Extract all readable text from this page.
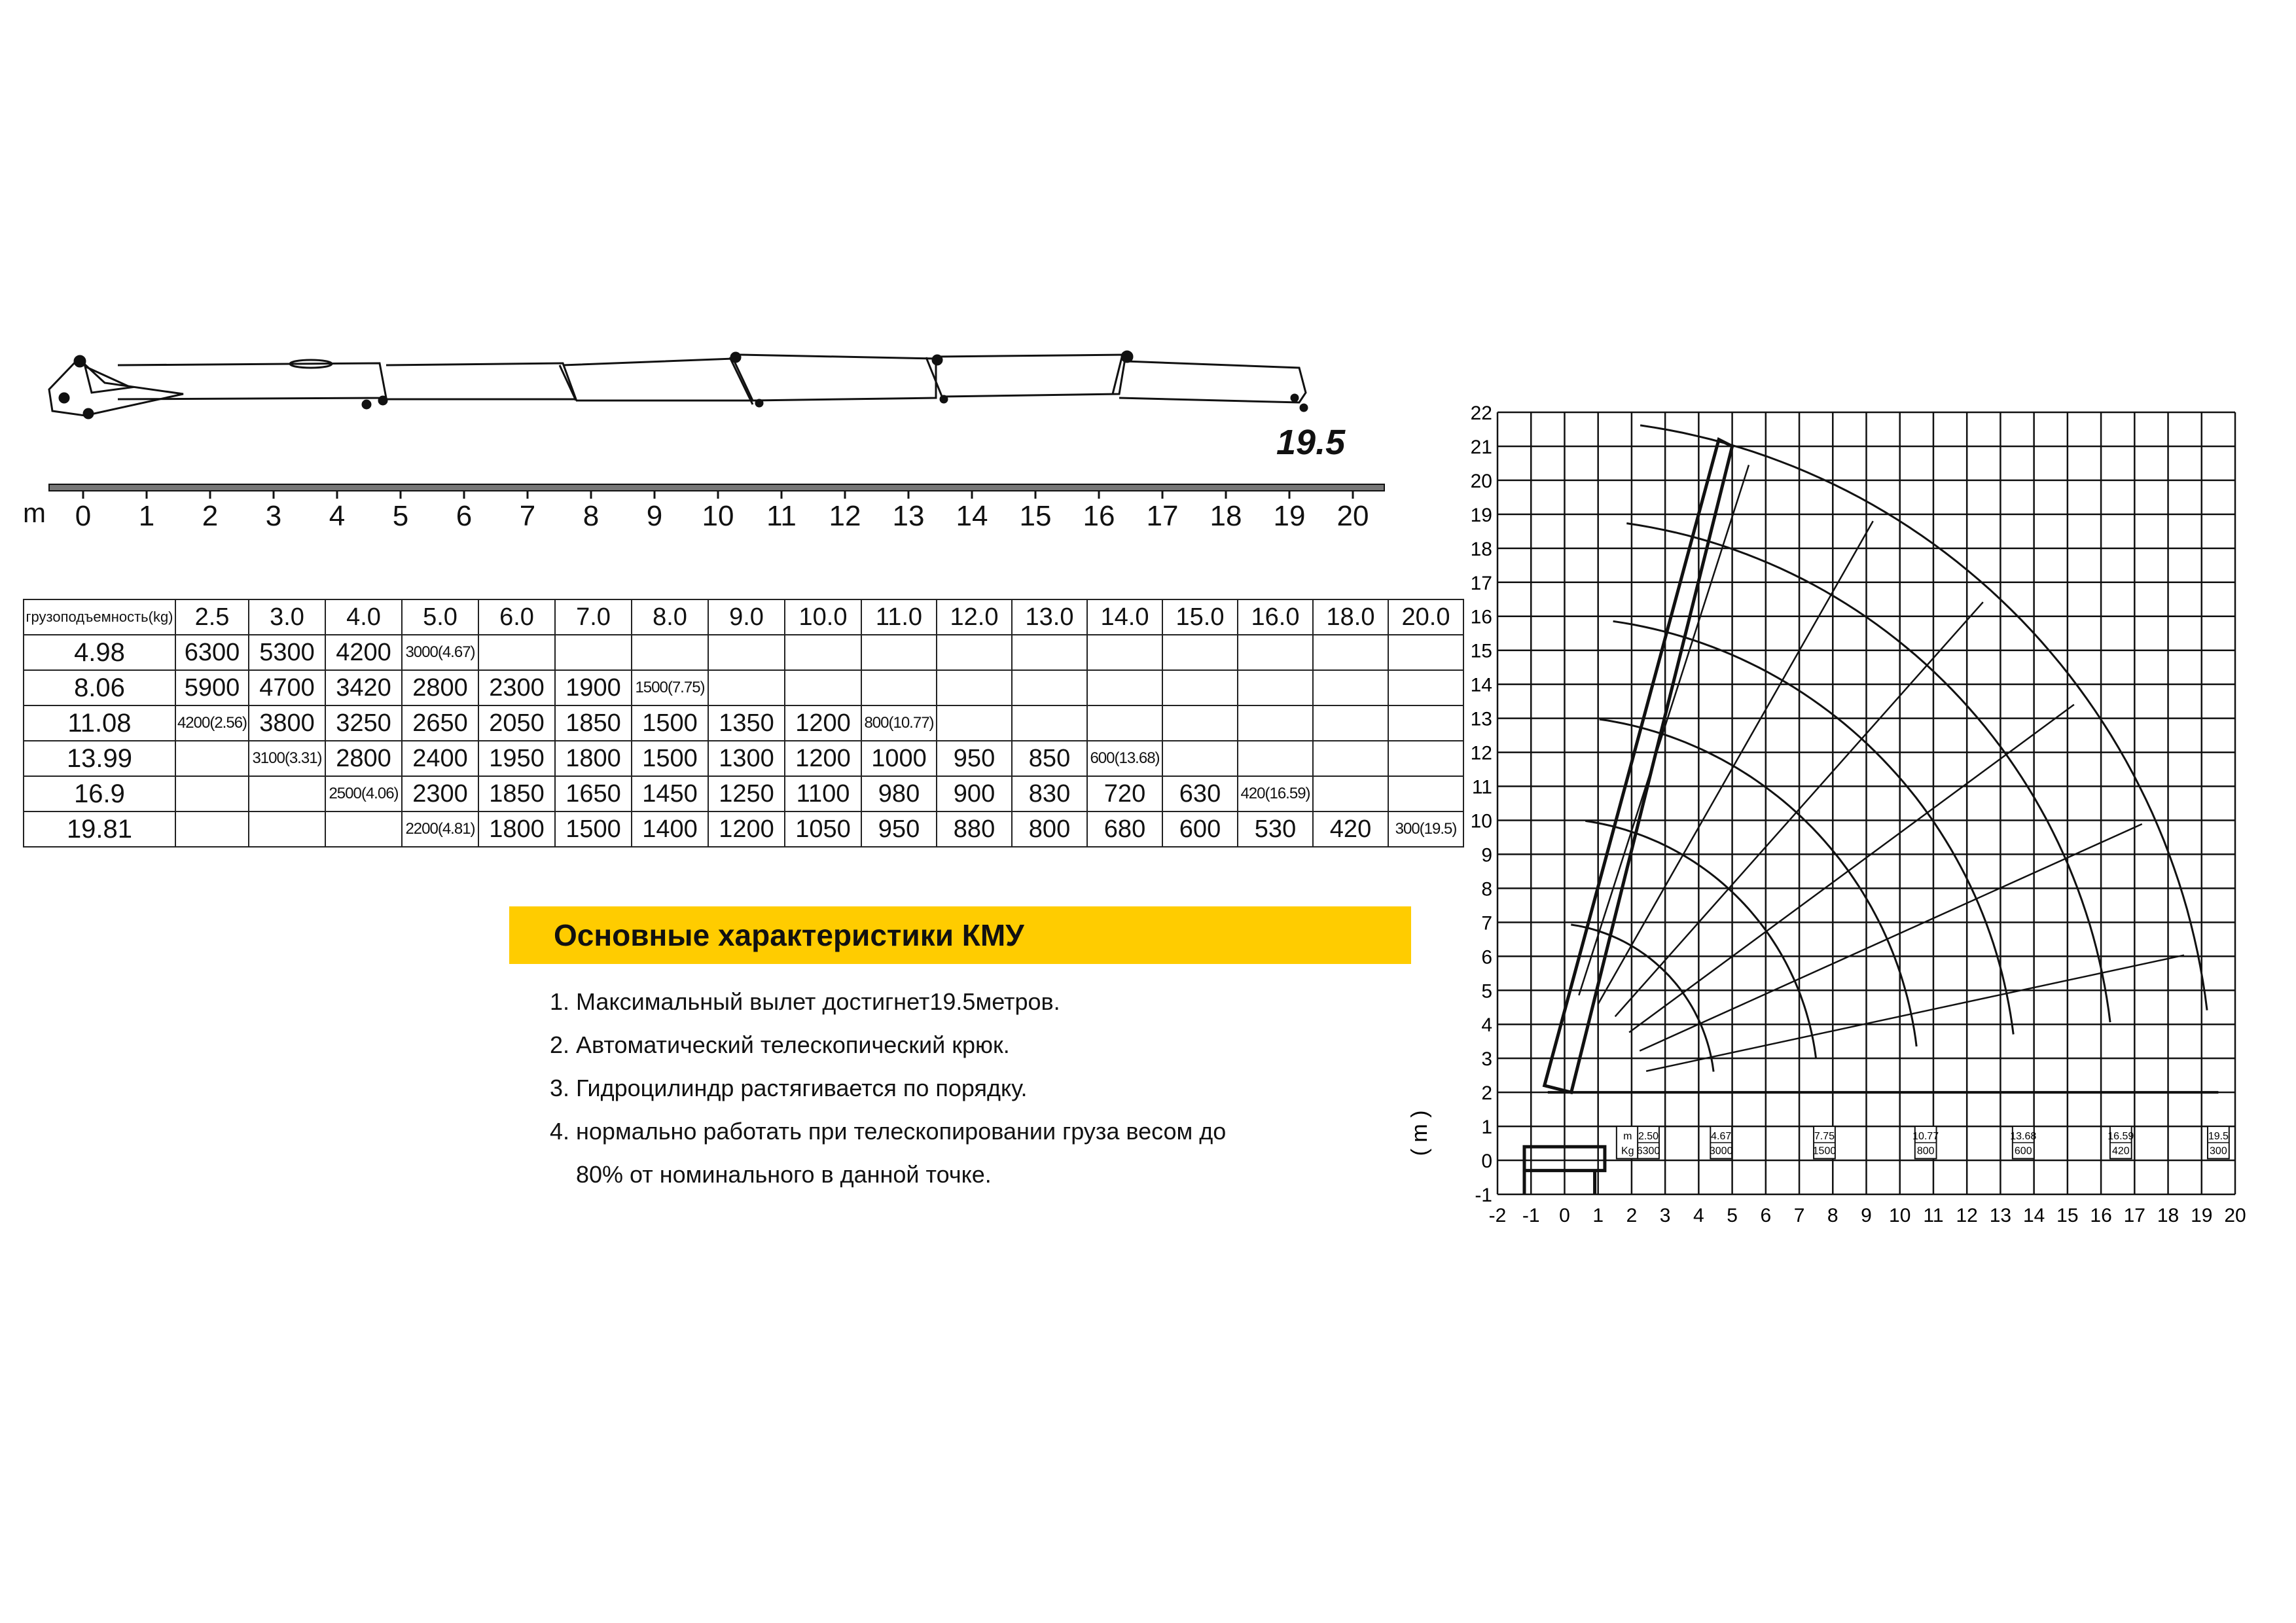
19.5
m	0	1	2	3	4	5	6	7	8	9	10	11	12	13	14	15	16	17	18	19	20
грузоподъемность(kg)	2.5	3.0	4.0	5.0	6.0	7.0	8.0	9.0	10.0	11.0	12.0	13.0	14.0	15.0	16.0	18.0	20.0
4.98	6300	5300	4200	3000(4.67)													
8.06	5900	4700	3420	2800	2300	1900	1500(7.75)										
11.08	4200(2.56)	3800	3250	2650	2050	1850	1500	1350	1200	800(10.77)							
13.99		3100(3.31)	2800	2400	1950	1800	1500	1300	1200	1000	950	850	600(13.68)				
16.9			2500(4.06)	2300	1850	1650	1450	1250	1100	980	900	830	720	630	420(16.59)		
19.81				2200(4.81)	1800	1500	1400	1200	1050	950	880	800	680	600	530	420	300(19.5)
Основные характеристики КМУ
1. Максимальный вылет достигнет19.5метров.
2. Автоматический телескопический крюк.
3. Гидроцилиндр растягивается по порядку.
4. нормально работать при телескопировании груза весом до
80% от номинального в данной точке.
-2 -1 0 1 2 3 4 5 6 7 8 9 10 11 12 13 14 15 16 17 18 19 20
-1
0
1
2
3
4
5
6
7
8
9
10
11
12
13
14
15
16
17
18
19
20
21
22
( m )	m
Kg
2.50
6300
4.67
3000
7.75
1500
10.77
800
13.68
600
16.59
420
19.5
300
